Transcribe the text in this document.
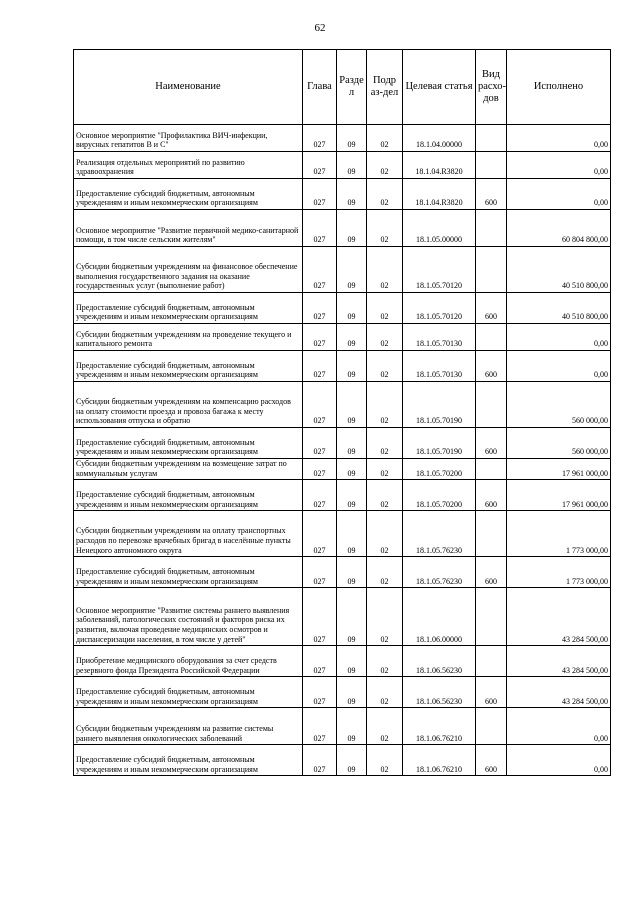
62
Наименование	Глава	Разде л	Подр аз-дел	Целевая статья	Вид расхо- дов	Исполнено
Основное мероприятие "Профилактика ВИЧ-инфекции, вирусных гепатитов В и С"	027	09	02	18.1.04.00000		0,00
Реализация отдельных мероприятий по развитию здравоохранения	027	09	02	18.1.04.R3820		0,00
Предоставление субсидий бюджетным, автономным учреждениям и иным некоммерческим организациям	027	09	02	18.1.04.R3820	600	0,00
Основное мероприятие "Развитие первичной медико-санитарной помощи, в том числе сельским жителям"	027	09	02	18.1.05.00000		60 804 800,00
Субсидии бюджетным учреждениям на финансовое обеспечение выполнения государственного задания на оказание государственных услуг (выполнение работ)	027	09	02	18.1.05.70120		40 510 800,00
Предоставление субсидий бюджетным, автономным учреждениям и иным некоммерческим организациям	027	09	02	18.1.05.70120	600	40 510 800,00
Субсидии бюджетным учреждениям на проведение текущего и капитального ремонта	027	09	02	18.1.05.70130		0,00
Предоставление субсидий бюджетным, автономным учреждениям и иным некоммерческим организациям	027	09	02	18.1.05.70130	600	0,00
Субсидии бюджетным учреждениям на компенсацию расходов на оплату стоимости проезда и провоза багажа к месту использования отпуска и обратно	027	09	02	18.1.05.70190		560 000,00
Предоставление субсидий бюджетным, автономным учреждениям и иным некоммерческим организациям	027	09	02	18.1.05.70190	600	560 000,00
Субсидии бюджетным учреждениям на возмещение затрат по коммунальным услугам	027	09	02	18.1.05.70200		17 961 000,00
Предоставление субсидий бюджетным, автономным учреждениям и иным некоммерческим организациям	027	09	02	18.1.05.70200	600	17 961 000,00
Субсидии бюджетным учреждениям на оплату транспортных расходов по перевозке врачебных бригад в населённые пункты Ненецкого автономного округа	027	09	02	18.1.05.76230		1 773 000,00
Предоставление субсидий бюджетным, автономным учреждениям и иным некоммерческим организациям	027	09	02	18.1.05.76230	600	1 773 000,00
Основное мероприятие "Развитие системы раннего выявления заболеваний, патологических состояний и факторов риска их развития, включая проведение медицинских осмотров и диспансеризации населения, в том числе у детей"	027	09	02	18.1.06.00000		43 284 500,00
Приобретение медицинского оборудования за счет средств резервного фонда Президента Российской Федерации	027	09	02	18.1.06.56230		43 284 500,00
Предоставление субсидий бюджетным, автономным учреждениям и иным некоммерческим организациям	027	09	02	18.1.06.56230	600	43 284 500,00
Субсидии бюджетным учреждениям на развитие системы раннего выявления онкологических заболеваний	027	09	02	18.1.06.76210		0,00
Предоставление субсидий бюджетным, автономным учреждениям и иным некоммерческим организациям	027	09	02	18.1.06.76210	600	0,00
